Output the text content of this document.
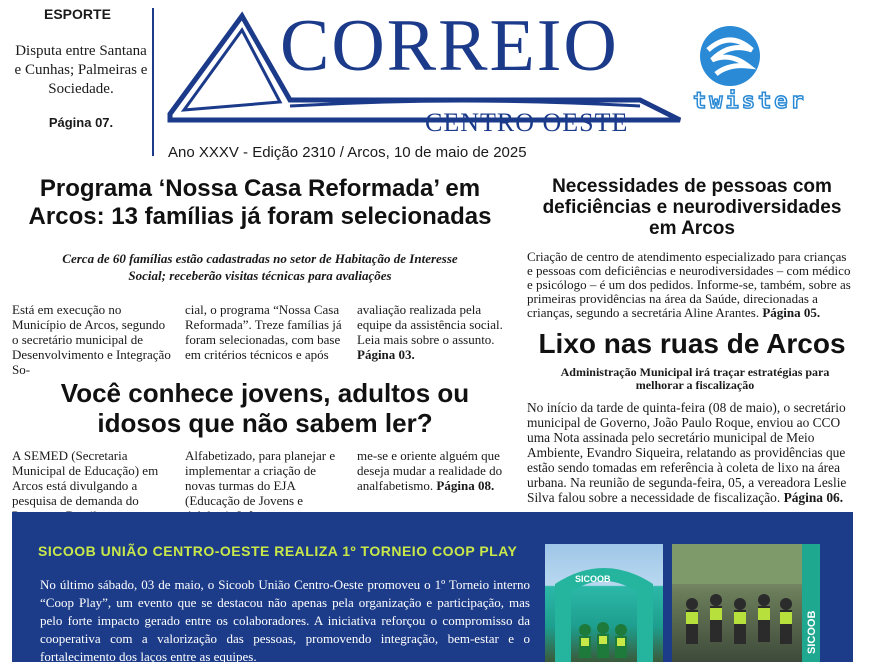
ESPORTE
Disputa entre Santana e Cunhas; Palmeiras e Sociedade.
Página 07.
CORREIO
CENTRO OESTE
Ano XXXV - Edição 2310 / Arcos, 10 de maio de 2025
twister
Programa ‘Nossa Casa Reformada’ em Arcos: 13 famílias já foram selecionadas
Cerca de 60 famílias estão cadastradas no setor de Habitação de Interesse Social; receberão visitas técnicas para avaliações
Está em execução no Município de Arcos, segundo o secretário municipal de Desenvolvimento e Integração So-
cial, o programa “Nossa Casa Reformada”. Treze famílias já foram selecionadas, com base em critérios técnicos e após
avaliação realizada pela equipe da assistência social. Leia mais sobre o assunto. Página 03.
Você conhece jovens, adultos ou idosos que não sabem ler?
A SEMED (Secretaria Municipal de Educação) em Arcos está divulgando a pesquisa de demanda do
Alfabetizado, para planejar e implementar a criação de novas turmas do EJA (Educação de Jovens e
me-se e oriente alguém que deseja mudar a realidade do analfabetismo. Página 08.
Necessidades de pessoas com deficiências e neurodiversidades em Arcos
Criação de centro de atendimento especializado para crianças e pessoas com deficiências e neurodiversidades – com médico e psicólogo – é um dos pedidos. Informe-se, também, sobre as primeiras providências na área da Saúde, direcionadas a crianças, segundo a secretária Aline Arantes. Página 05.
Lixo nas ruas de Arcos
Administração Municipal irá traçar estratégias para melhorar a fiscalização
No início da tarde de quinta-feira (08 de maio), o secretário municipal de Governo, João Paulo Roque, enviou ao CCO uma Nota assinada pelo secretário municipal de Meio Ambiente, Evandro Siqueira, relatando as providências que estão sendo tomadas em referência à coleta de lixo na área urbana. Na reunião de segunda-feira, 05, a vereadora Leslie Silva falou sobre a necessidade de fiscalização. Página 06.
SICOOB UNIÃO CENTRO-OESTE REALIZA 1º TORNEIO COOP PLAY
No último sábado, 03 de maio, o Sicoob União Centro-Oeste promoveu o 1º Torneio interno “Coop Play”, um evento que se destacou não apenas pela organização e participação, mas pelo forte impacto gerado entre os colaboradores. A iniciativa reforçou o compromisso da cooperativa com a valorização das pessoas, promovendo integração, bem-estar e o fortalecimento dos laços entre as equipes.
SICOOB
SICOOB
